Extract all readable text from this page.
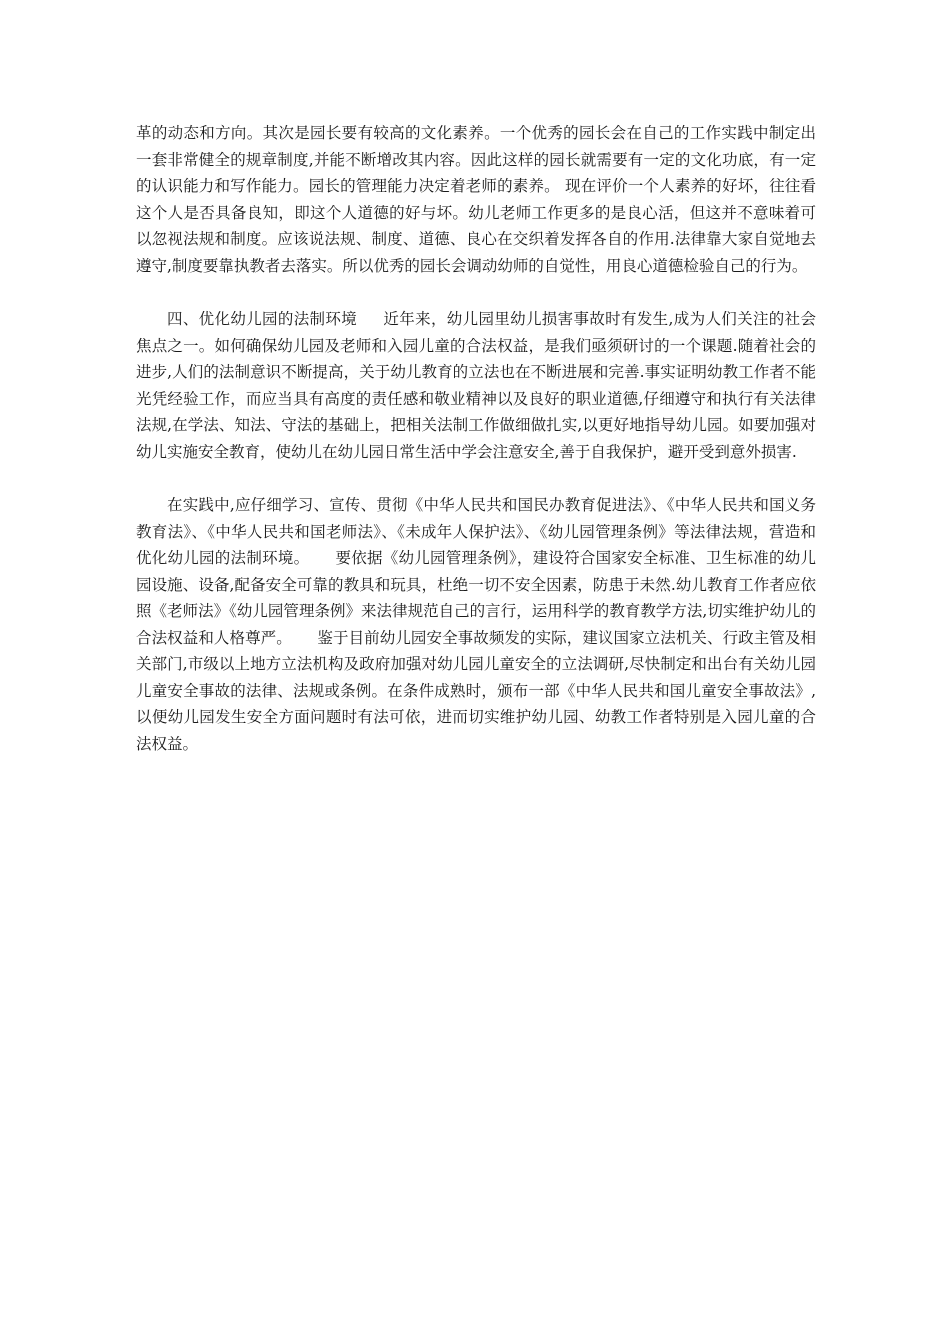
革的动态和方向。其次是园长要有较高的文化素养。一个优秀的园长会在自己的工作实践中制定出一套非常健全的规章制度,并能不断增改其内容。因此这样的园长就需要有一定的文化功底，有一定的认识能力和写作能力。园长的管理能力决定着老师的素养。 现在评价一个人素养的好坏，往往看这个人是否具备良知，即这个人道德的好与坏。幼儿老师工作更多的是良心活，但这并不意味着可以忽视法规和制度。应该说法规、制度、道德、良心在交织着发挥各自的作用.法律靠大家自觉地去遵守,制度要靠执教者去落实。所以优秀的园长会调动幼师的自觉性，用良心道德检验自己的行为。

四、优化幼儿园的法制环境 　 近年来，幼儿园里幼儿损害事故时有发生,成为人们关注的社会焦点之一。如何确保幼儿园及老师和入园儿童的合法权益，是我们亟须研讨的一个课题.随着社会的进步,人们的法制意识不断提高，关于幼儿教育的立法也在不断进展和完善.事实证明幼教工作者不能光凭经验工作，而应当具有高度的责任感和敬业精神以及良好的职业道德,仔细遵守和执行有关法律法规,在学法、知法、守法的基础上，把相关法制工作做细做扎实,以更好地指导幼儿园。如要加强对幼儿实施安全教育，使幼儿在幼儿园日常生活中学会注意安全,善于自我保护，避开受到意外损害.

在实践中,应仔细学习、宣传、贯彻《中华人民共和国民办教育促进法》、《中华人民共和国义务教育法》、《中华人民共和国老师法》、《未成年人保护法》、《幼儿园管理条例》等法律法规，营造和优化幼儿园的法制环境。 　 要依据《幼儿园管理条例》，建设符合国家安全标准、卫生标准的幼儿园设施、设备,配备安全可靠的教具和玩具，杜绝一切不安全因素，防患于未然.幼儿教育工作者应依照《老师法》《幼儿园管理条例》来法律规范自己的言行，运用科学的教育教学方法,切实维护幼儿的合法权益和人格尊严。 　 鉴于目前幼儿园安全事故频发的实际，建议国家立法机关、行政主管及相关部门,市级以上地方立法机构及政府加强对幼儿园儿童安全的立法调研,尽快制定和出台有关幼儿园儿童安全事故的法律、法规或条例。在条件成熟时，颁布一部《中华人民共和国儿童安全事故法》,以便幼儿园发生安全方面问题时有法可依，进而切实维护幼儿园、幼教工作者特别是入园儿童的合法权益。
